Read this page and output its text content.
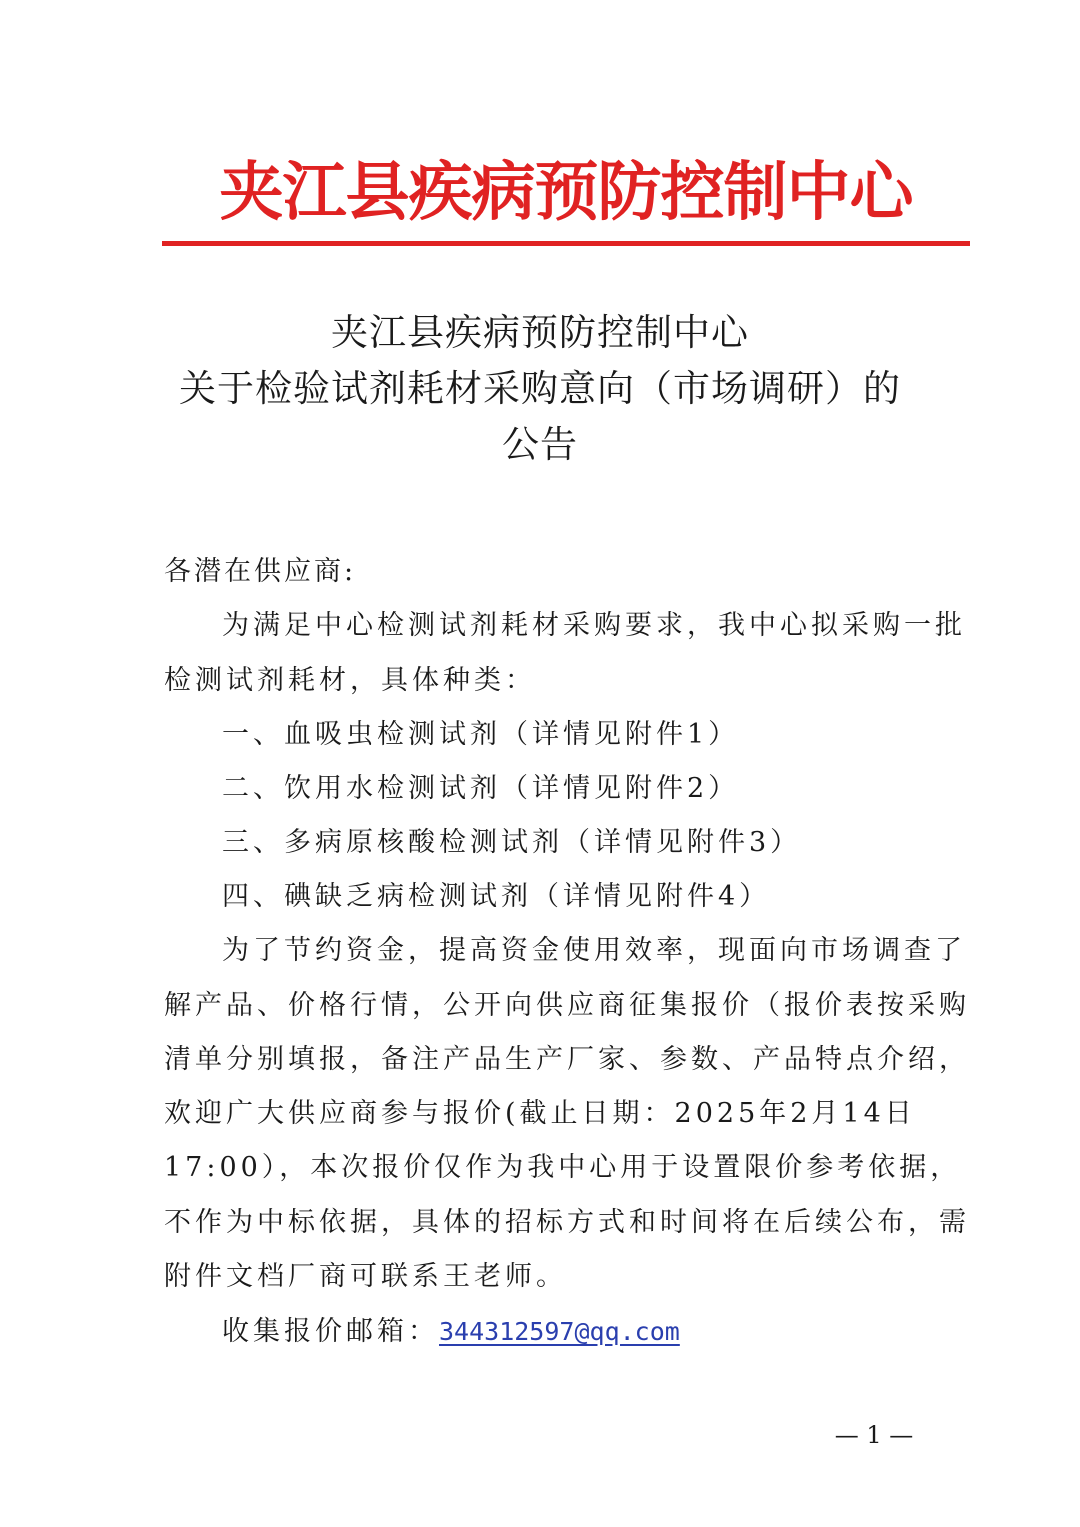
夹江县疾病预防控制中心
夹江县疾病预防控制中心
关于检验试剂耗材采购意向（市场调研）的
公告
各潜在供应商:
为满足中心检测试剂耗材采购要求，我中心拟采购一批
检测试剂耗材，具体种类：
一、血吸虫检测试剂（详情见附件1）
二、饮用水检测试剂（详情见附件2）
三、多病原核酸检测试剂（详情见附件3）
四、碘缺乏病检测试剂（详情见附件4）
为了节约资金，提高资金使用效率，现面向市场调查了
解产品、价格行情，公开向供应商征集报价（报价表按采购
清单分别填报，备注产品生产厂家、参数、产品特点介绍，
欢迎广大供应商参与报价(截止日期：2025年2月14日
17:00），本次报价仅作为我中心用于设置限价参考依据，
不作为中标依据，具体的招标方式和时间将在后续公布，需
附件文档厂商可联系王老师。
收集报价邮箱：344312597@qq.com
— 1 —
